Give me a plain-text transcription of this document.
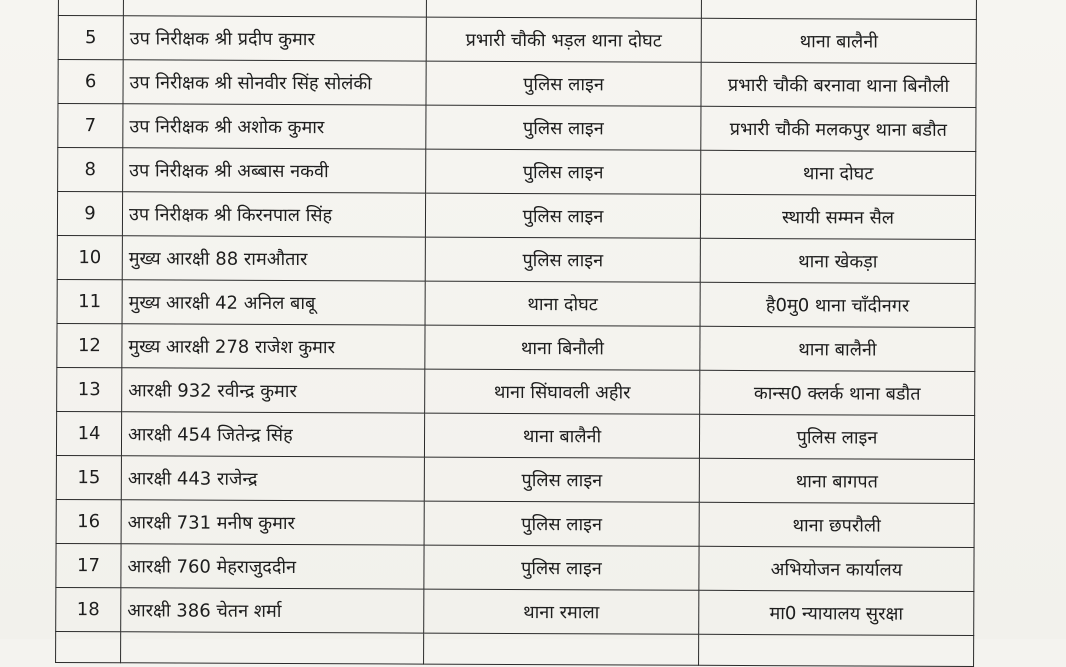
5	उप निरीक्षक श्री प्रदीप कुमार	प्रभारी चौकी भड़ल थाना दोघट	थाना बालैनी
6	उप निरीक्षक श्री सोनवीर सिंह सोलंकी	पुलिस लाइन	प्रभारी चौकी बरनावा थाना बिनौली
7	उप निरीक्षक श्री अशोक कुमार	पुलिस लाइन	प्रभारी चौकी मलकपुर थाना बडौत
8	उप निरीक्षक श्री अब्बास नकवी	पुलिस लाइन	थाना दोघट
9	उप निरीक्षक श्री किरनपाल सिंह	पुलिस लाइन	स्थायी सम्मन सैल
10	मुख्य आरक्षी 88 रामऔतार	पुलिस लाइन	थाना खेकड़ा
11	मुख्य आरक्षी 42 अनिल बाबू	थाना दोघट	है0मु0 थाना चाँदीनगर
12	मुख्य आरक्षी 278 राजेश कुमार	थाना बिनौली	थाना बालैनी
13	आरक्षी 932 रवीन्द्र कुमार	थाना सिंघावली अहीर	कान्स0 क्लर्क थाना बडौत
14	आरक्षी 454 जितेन्द्र सिंह	थाना बालैनी	पुलिस लाइन
15	आरक्षी 443 राजेन्द्र	पुलिस लाइन	थाना बागपत
16	आरक्षी 731 मनीष कुमार	पुलिस लाइन	थाना छपरौली
17	आरक्षी 760 मेहराजुददीन	पुलिस लाइन	अभियोजन कार्यालय
18	आरक्षी 386 चेतन शर्मा	थाना रमाला	मा0 न्यायालय सुरक्षा
